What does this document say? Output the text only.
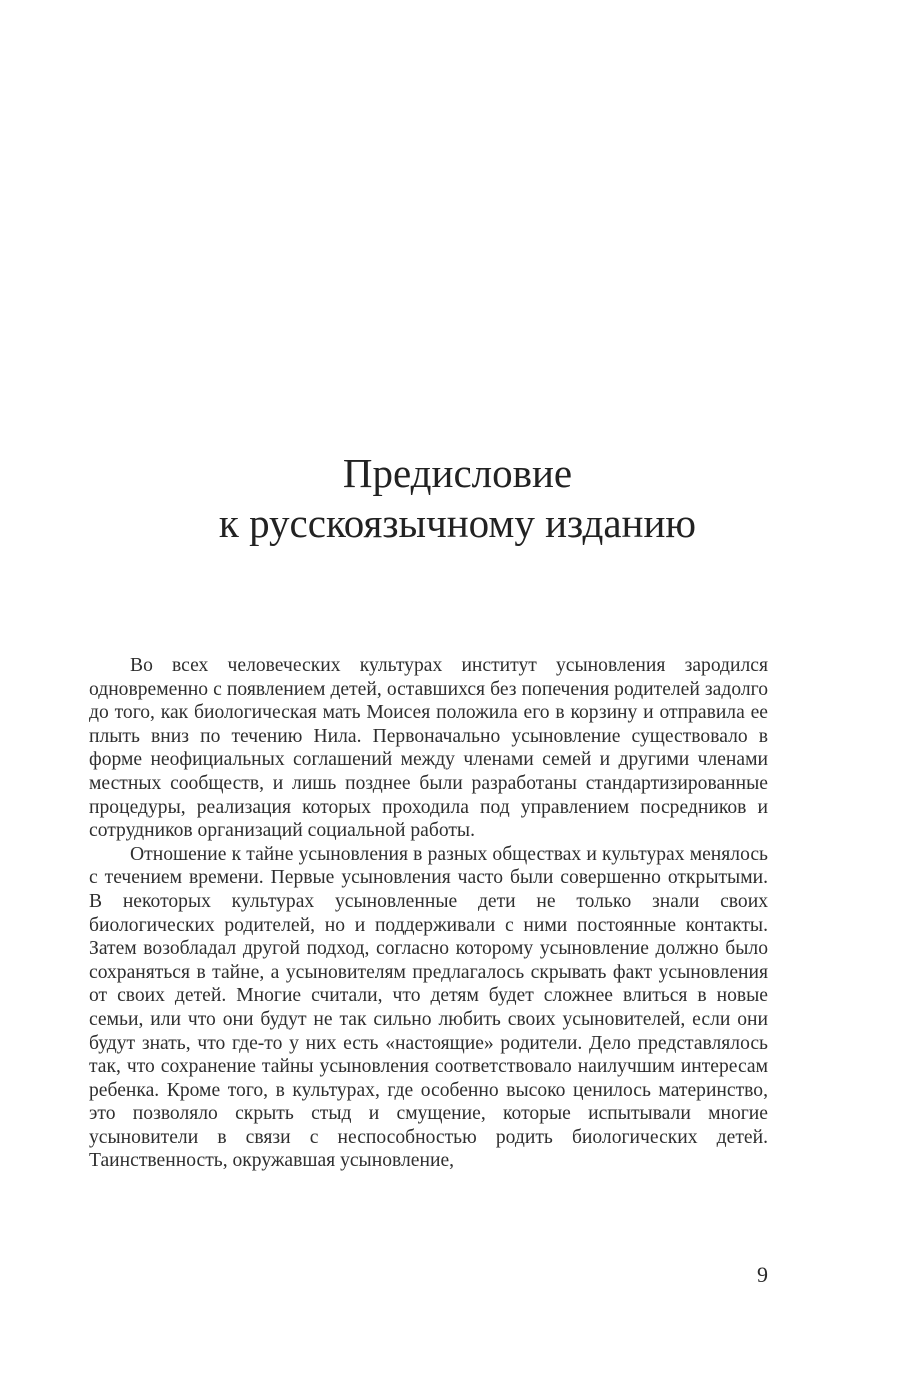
Предисловие
к русскоязычному изданию

Во всех человеческих культурах институт усыновления зародился одновременно с появлением детей, оставшихся без попечения родителей задолго до того, как биологическая мать Моисея положила его в корзину и отправила ее плыть вниз по течению Нила. Первоначально усыновление существовало в форме неофициальных соглашений между членами семей и другими членами местных сообществ, и лишь позднее были разработаны стандартизированные процедуры, реализация которых проходила под управлением посредников и сотрудников организаций социальной работы.

Отношение к тайне усыновления в разных обществах и культурах менялось с течением времени. Первые усыновления часто были совершенно открытыми. В некоторых культурах усыновленные дети не только знали своих биологических родителей, но и поддерживали с ними постоянные контакты. Затем возобладал другой подход, согласно которому усыновление должно было сохраняться в тайне, а усыновителям предлагалось скрывать факт усыновления от своих детей. Многие считали, что детям будет сложнее влиться в новые семьи, или что они будут не так сильно любить своих усыновителей, если они будут знать, что где-то у них есть «настоящие» родители. Дело представлялось так, что сохранение тайны усыновления соответствовало наилучшим интересам ребенка. Кроме того, в культурах, где особенно высоко ценилось материнство, это позволяло скрыть стыд и смущение, которые испытывали многие усыновители в связи с неспособностью родить биологических детей. Таинственность, окружавшая усыновление,

9
